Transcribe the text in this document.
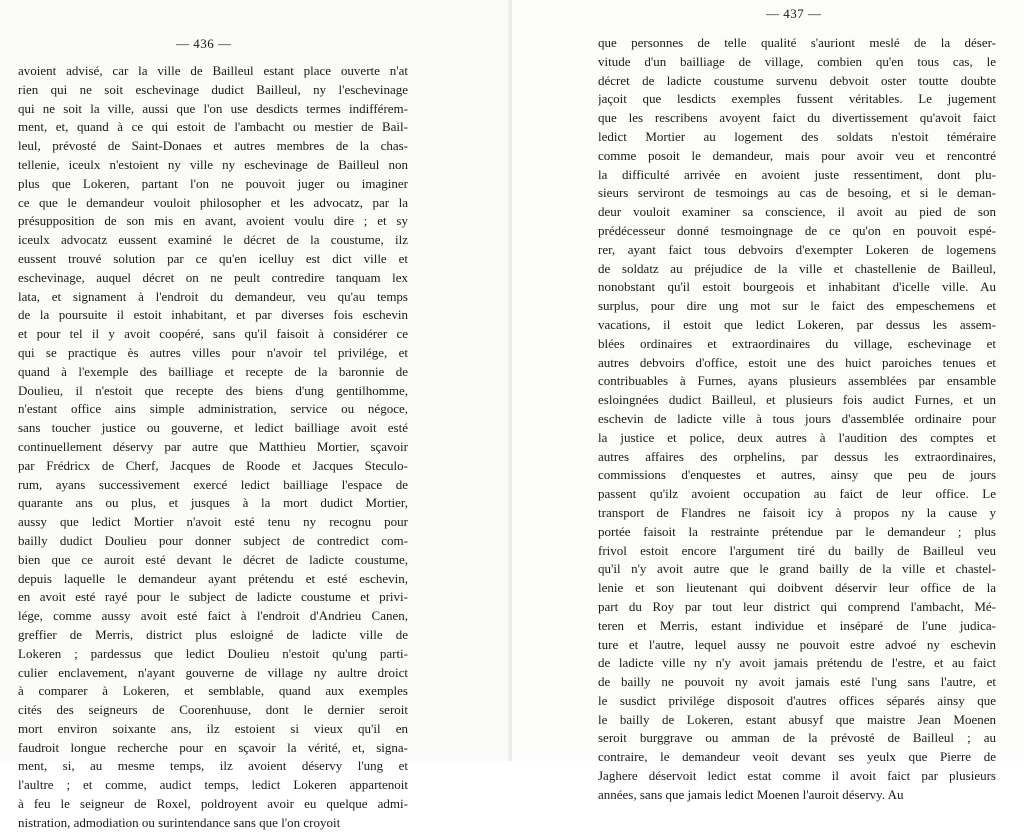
— 436 —
avoient advisé, car la ville de Bailleul estant place ouverte n'at
rien qui ne soit eschevinage dudict Bailleul, ny l'eschevinage
qui ne soit la ville, aussi que l'on use desdicts termes indifférem-
ment, et, quand à ce qui estoit de l'ambacht ou mestier de Bail-
leul, prévosté de Saint-Donaes et autres membres de la chas-
tellenie, iceulx n'estoient ny ville ny eschevinage de Bailleul non
plus que Lokeren, partant l'on ne pouvoit juger ou imaginer
ce que le demandeur vouloit philosopher et les advocatz, par la
présupposition de son mis en avant, avoient voulu dire ; et sy
iceulx advocatz eussent examiné le décret de la coustume, ilz
eussent trouvé solution par ce qu'en icelluy est dict ville et
eschevinage, auquel décret on ne peult contredire tanquam lex
lata, et signament à l'endroit du demandeur, veu qu'au temps
de la poursuite il estoit inhabitant, et par diverses fois eschevin
et pour tel il y avoit coopéré, sans qu'il faisoit à considérer ce
qui se practique ès autres villes pour n'avoir tel privilége, et
quand à l'exemple des bailliage et recepte de la baronnie de
Doulieu, il n'estoit que recepte des biens d'ung gentilhomme,
n'estant office ains simple administration, service ou négoce,
sans toucher justice ou gouverne, et ledict bailliage avoit esté
continuellement déservy par autre que Matthieu Mortier, sçavoir
par Frédricx de Cherf, Jacques de Roode et Jacques Steculo-
rum, ayans successivement exercé ledict bailliage l'espace de
quarante ans ou plus, et jusques à la mort dudict Mortier,
aussy que ledict Mortier n'avoit esté tenu ny recognu pour
bailly dudict Doulieu pour donner subject de contredict com-
bien que ce auroit esté devant le décret de ladicte coustume,
depuis laquelle le demandeur ayant prétendu et esté eschevin,
en avoit esté rayé pour le subject de ladicte coustume et privi-
lége, comme aussy avoit esté faict à l'endroit d'Andrieu Canen,
greffier de Merris, district plus esloigné de ladicte ville de
Lokeren ; pardessus que ledict Doulieu n'estoit qu'ung parti-
culier enclavement, n'ayant gouverne de village ny aultre droict
à comparer à Lokeren, et semblable, quand aux exemples
cités des seigneurs de Coorenhuuse, dont le dernier seroit
mort environ soixante ans, ilz estoient si vieux qu'il en
faudroit longue recherche pour en sçavoir la vérité, et, signa-
ment, si, au mesme temps, ilz avoient déservy l'ung et
l'aultre ; et comme, audict temps, ledict Lokeren appartenoit
à feu le seigneur de Roxel, poldroyent avoir eu quelque admi-
nistration, admodiation ou surintendance sans que l'on croyoit
— 437 —
que personnes de telle qualité s'auriont meslé de la déser-
vitude d'un bailliage de village, combien qu'en tous cas, le
décret de ladicte coustume survenu debvoit oster toutte doubte
jaçoit que lesdicts exemples fussent véritables. Le jugement
que les rescribens avoyent faict du divertissement qu'avoit faict
ledict Mortier au logement des soldats n'estoit téméraire
comme posoit le demandeur, mais pour avoir veu et rencontré
la difficulté arrivée en avoient juste ressentiment, dont plu-
sieurs serviront de tesmoings au cas de besoing, et si le deman-
deur vouloit examiner sa conscience, il avoit au pied de son
prédécesseur donné tesmoingnage de ce qu'on en pouvoit espé-
rer, ayant faict tous debvoirs d'exempter Lokeren de logemens
de soldatz au préjudice de la ville et chastellenie de Bailleul,
nonobstant qu'il estoit bourgeois et inhabitant d'icelle ville. Au
surplus, pour dire ung mot sur le faict des empeschemens et
vacations, il estoit que ledict Lokeren, par dessus les assem-
blées ordinaires et extraordinaires du village, eschevinage et
autres debvoirs d'office, estoit une des huict paroiches tenues et
contribuables à Furnes, ayans plusieurs assemblées par ensamble
esloingnées dudict Bailleul, et plusieurs fois audict Furnes, et un
eschevin de ladicte ville à tous jours d'assemblée ordinaire pour
la justice et police, deux autres à l'audition des comptes et
autres affaires des orphelins, par dessus les extraordinaires,
commissions d'enquestes et autres, ainsy que peu de jours
passent qu'ilz avoient occupation au faict de leur office. Le
transport de Flandres ne faisoit icy à propos ny la cause y
portée faisoit la restrainte prétendue par le demandeur ; plus
frivol estoit encore l'argument tiré du bailly de Bailleul veu
qu'il n'y avoit autre que le grand bailly de la ville et chastel-
lenie et son lieutenant qui doibvent déservir leur office de la
part du Roy par tout leur district qui comprend l'ambacht, Mé-
teren et Merris, estant individue et inséparé de l'une judica-
ture et l'autre, lequel aussy ne pouvoit estre advoé ny eschevin
de ladicte ville ny n'y avoit jamais prétendu de l'estre, et au faict
de bailly ne pouvoit ny avoit jamais esté l'ung sans l'autre, et
le susdict privilége disposoit d'autres offices séparés ainsy que
le bailly de Lokeren, estant abusyf que maistre Jean Moenen
seroit burggrave ou amman de la prévosté de Bailleul ; au
contraire, le demandeur veoit devant ses yeulx que Pierre de
Jaghere déservoit ledict estat comme il avoit faict par plusieurs
années, sans que jamais ledict Moenen l'auroit déservy. Au
